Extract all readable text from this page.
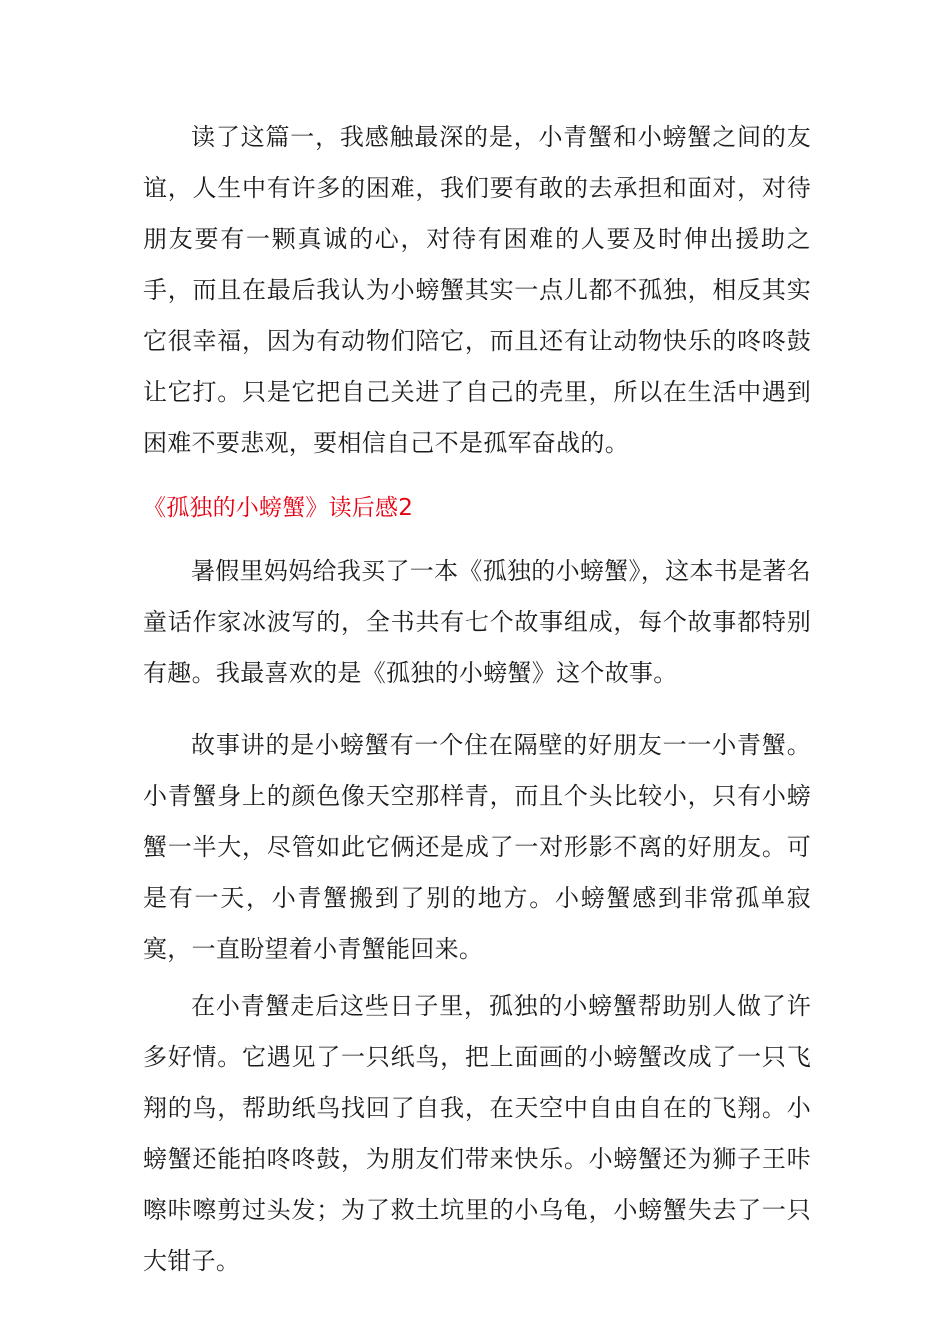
读了这篇一，我感触最深的是，小青蟹和小螃蟹之间的友谊，人生中有许多的困难，我们要有敢的去承担和面对，对待朋友要有一颗真诚的心，对待有困难的人要及时伸出援助之手，而且在最后我认为小螃蟹其实一点儿都不孤独，相反其实它很幸福，因为有动物们陪它，而且还有让动物快乐的咚咚鼓让它打。只是它把自己关进了自己的壳里，所以在生活中遇到困难不要悲观，要相信自己不是孤军奋战的。

《孤独的小螃蟹》读后感2

暑假里妈妈给我买了一本《孤独的小螃蟹》，这本书是著名童话作家冰波写的，全书共有七个故事组成，每个故事都特别有趣。我最喜欢的是《孤独的小螃蟹》这个故事。

故事讲的是小螃蟹有一个住在隔壁的好朋友一一小青蟹。小青蟹身上的颜色像天空那样青，而且个头比较小，只有小螃蟹一半大，尽管如此它俩还是成了一对形影不离的好朋友。可是有一天，小青蟹搬到了别的地方。小螃蟹感到非常孤单寂寞，一直盼望着小青蟹能回来。

在小青蟹走后这些日子里，孤独的小螃蟹帮助别人做了许多好情。它遇见了一只纸鸟，把上面画的小螃蟹改成了一只飞翔的鸟，帮助纸鸟找回了自我，在天空中自由自在的飞翔。小螃蟹还能拍咚咚鼓，为朋友们带来快乐。小螃蟹还为狮子王咔嚓咔嚓剪过头发；为了救土坑里的小乌龟，小螃蟹失去了一只大钳子。
